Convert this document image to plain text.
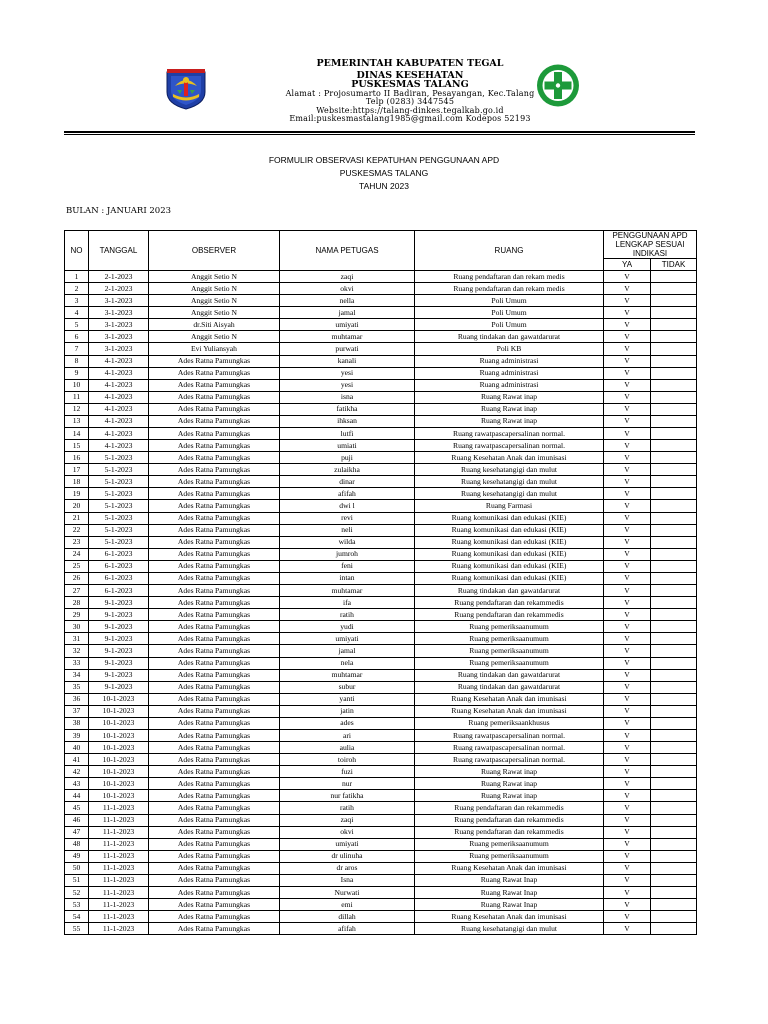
PEMERINTAH KABUPATEN TEGAL
DINAS KESEHATAN
PUSKESMAS TALANG
Alamat : Projosumarto II Badiran, Pesayangan, Kec.Talang
Telp (0283) 3447545
Website:https://talang-dinkes.tegalkab.go.id
Email:puskesmastalang1985@gmail.com Kodepos 52193
FORMULIR OBSERVASI KEPATUHAN PENGGUNAAN APD
PUSKESMAS TALANG
TAHUN 2023
BULAN : JANUARI 2023
NO	TANGGAL	OBSERVER	NAMA PETUGAS	RUANG	PENGGUNAAN APD
LENGKAP SESUAI
INDIKASI	

					YA	TIDAK
1	2-1-2023	Anggit Setio N	zaqi	Ruang pendaftaran dan rekam medis	V	
2	2-1-2023	Anggit Setio N	okvi	Ruang pendaftaran dan rekam medis	V	
3	3-1-2023	Anggit Setio N	nella	Poli Umum	V	
4	3-1-2023	Anggit Setio N	jamal	Poli Umum	V	
5	3-1-2023	dr.Siti Aisyah	umiyati	Poli Umum	V	
6	3-1-2023	Anggit Setio N	muhtamar	Ruang tindakan dan gawatdarurat	V	
7	3-1-2023	Evi Yuliansyah	purwati	Poli KB	V	
8	4-1-2023	Ades Ratna Pamungkas	kanali	Ruang administrasi	V	
9	4-1-2023	Ades Ratna Pamungkas	yesi	Ruang administrasi	V	
10	4-1-2023	Ades Ratna Pamungkas	yesi	Ruang administrasi	V	
11	4-1-2023	Ades Ratna Pamungkas	isna	Ruang Rawat inap	V	
12	4-1-2023	Ades Ratna Pamungkas	fatikha	Ruang Rawat inap	V	
13	4-1-2023	Ades Ratna Pamungkas	ihksan	Ruang Rawat inap	V	
14	4-1-2023	Ades Ratna Pamungkas	lutfi	Ruang rawatpascapersalinan normal.	V	
15	4-1-2023	Ades Ratna Pamungkas	umiati	Ruang rawatpascapersalinan normal.	V	
16	5-1-2023	Ades Ratna Pamungkas	puji	Ruang Kesehatan Anak dan imunisasi	V	
17	5-1-2023	Ades Ratna Pamungkas	zulaikha	Ruang kesehatangigi dan mulut	V	
18	5-1-2023	Ades Ratna Pamungkas	dinar	Ruang kesehatangigi dan mulut	V	
19	5-1-2023	Ades Ratna Pamungkas	afifah	Ruang kesehatangigi dan mulut	V	
20	5-1-2023	Ades Ratna Pamungkas	dwi l	Ruang Farmasi	V	
21	5-1-2023	Ades Ratna Pamungkas	revi	Ruang komunikasi dan edukasi (KIE)	V	
22	5-1-2023	Ades Ratna Pamungkas	neli	Ruang komunikasi dan edukasi (KIE)	V	
23	5-1-2023	Ades Ratna Pamungkas	wilda	Ruang komunikasi dan edukasi (KIE)	V	
24	6-1-2023	Ades Ratna Pamungkas	jumroh	Ruang komunikasi dan edukasi (KIE)	V	
25	6-1-2023	Ades Ratna Pamungkas	feni	Ruang komunikasi dan edukasi (KIE)	V	
26	6-1-2023	Ades Ratna Pamungkas	intan	Ruang komunikasi dan edukasi (KIE)	V	
27	6-1-2023	Ades Ratna Pamungkas	muhtamar	Ruang tindakan dan gawatdarurat	V	
28	9-1-2023	Ades Ratna Pamungkas	ifa	Ruang pendaftaran dan rekammedis	V	
29	9-1-2023	Ades Ratna Pamungkas	ratih	Ruang pendaftaran dan rekammedis	V	
30	9-1-2023	Ades Ratna Pamungkas	yudi	Ruang pemeriksaanumum	V	
31	9-1-2023	Ades Ratna Pamungkas	umiyati	Ruang pemeriksaanumum	V	
32	9-1-2023	Ades Ratna Pamungkas	jamal	Ruang pemeriksaanumum	V	
33	9-1-2023	Ades Ratna Pamungkas	nela	Ruang pemeriksaanumum	V	
34	9-1-2023	Ades Ratna Pamungkas	muhtamar	Ruang tindakan dan gawatdarurat	V	
35	9-1-2023	Ades Ratna Pamungkas	subur	Ruang tindakan dan gawatdarurat	V	
36	10-1-2023	Ades Ratna Pamungkas	yanti	Ruang Kesehatan Anak dan imunisasi	V	
37	10-1-2023	Ades Ratna Pamungkas	jatin	Ruang Kesehatan Anak dan imunisasi	V	
38	10-1-2023	Ades Ratna Pamungkas	ades	Ruang pemeriksaankhusus	V	
39	10-1-2023	Ades Ratna Pamungkas	ari	Ruang rawatpascapersalinan normal.	V	
40	10-1-2023	Ades Ratna Pamungkas	aulia	Ruang rawatpascapersalinan normal.	V	
41	10-1-2023	Ades Ratna Pamungkas	toiroh	Ruang rawatpascapersalinan normal.	V	
42	10-1-2023	Ades Ratna Pamungkas	fuzi	Ruang Rawat inap	V	
43	10-1-2023	Ades Ratna Pamungkas	nur	Ruang Rawat inap	V	
44	10-1-2023	Ades Ratna Pamungkas	nur fatikha	Ruang Rawat inap	V	
45	11-1-2023	Ades Ratna Pamungkas	ratih	Ruang pendaftaran dan rekammedis	V	
46	11-1-2023	Ades Ratna Pamungkas	zaqi	Ruang pendaftaran dan rekammedis	V	
47	11-1-2023	Ades Ratna Pamungkas	okvi	Ruang pendaftaran dan rekammedis	V	
48	11-1-2023	Ades Ratna Pamungkas	umiyati	Ruang pemeriksaanumum	V	
49	11-1-2023	Ades Ratna Pamungkas	dr ulinuha	Ruang pemeriksaanumum	V	
50	11-1-2023	Ades Ratna Pamungkas	dr aros	Ruang Kesehatan Anak dan imunisasi	V	
51	11-1-2023	Ades Ratna Pamungkas	Isna	Ruang Rawat Inap	V	
52	11-1-2023	Ades Ratna Pamungkas	Nurwati	Ruang Rawat Inap	V	
53	11-1-2023	Ades Ratna Pamungkas	emi	Ruang Rawat Inap	V	
54	11-1-2023	Ades Ratna Pamungkas	dillah	Ruang Kesehatan Anak dan imunisasi	V	
55	11-1-2023	Ades Ratna Pamungkas	afifah	Ruang kesehatangigi dan mulut	V	
